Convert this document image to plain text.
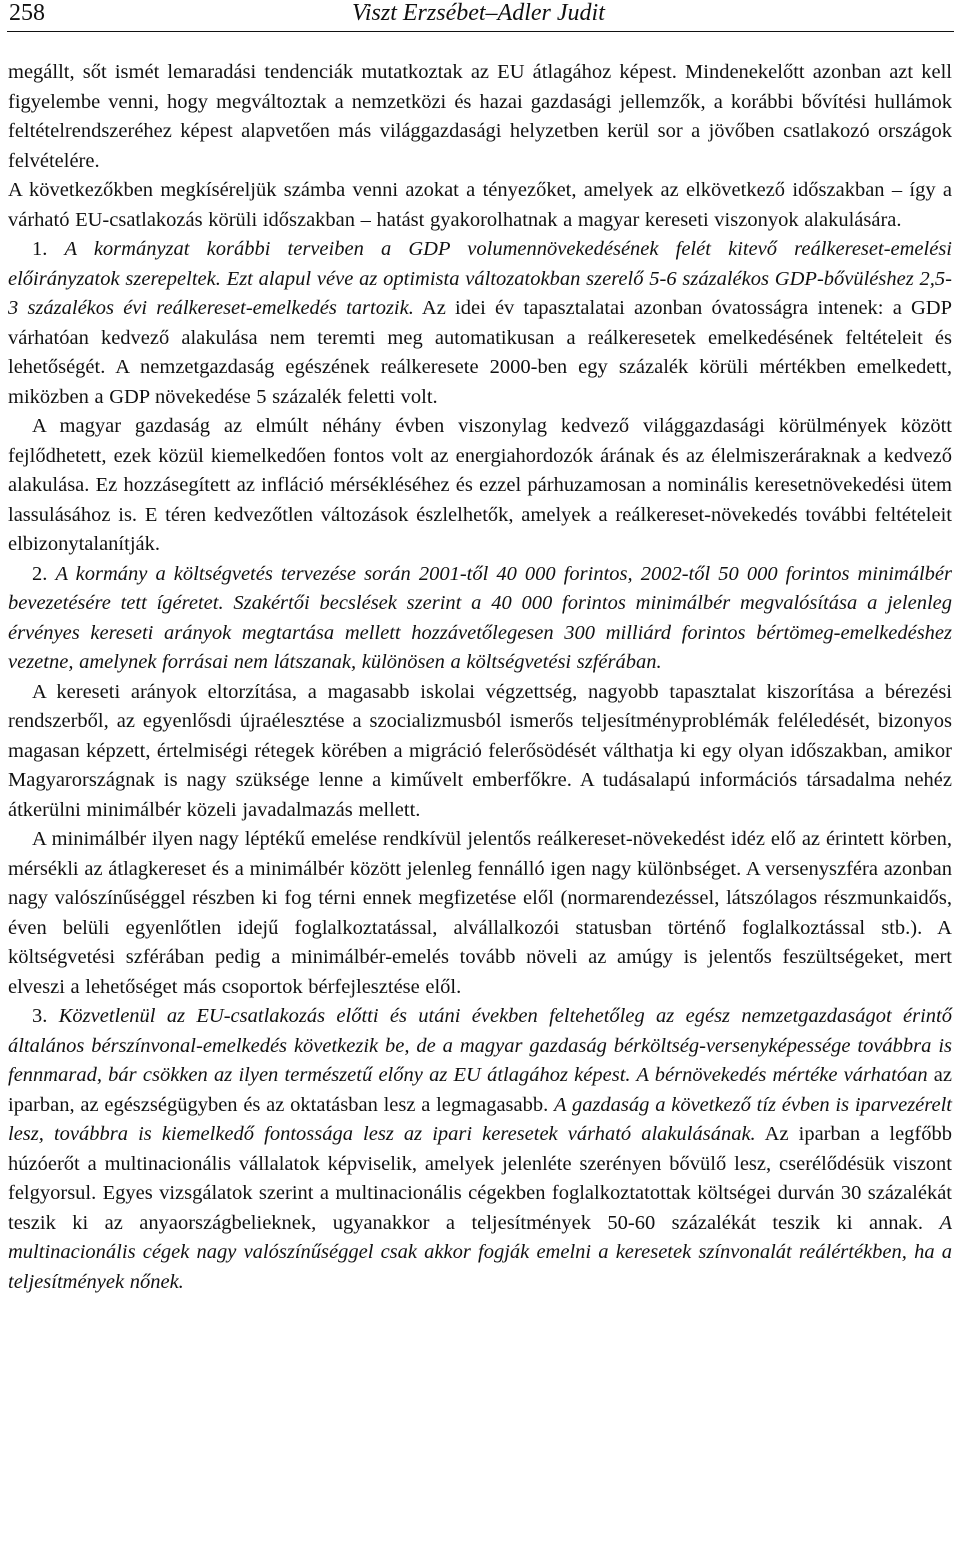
258	Viszt Erzsébet–Adler Judit

megállt, sőt ismét lemaradási tendenciák mutatkoztak az EU átlagához képest. Mindenekelőtt azonban azt kell figyelembe venni, hogy megváltoztak a nemzetközi és hazai gazdasági jellemzők, a korábbi bővítési hullámok feltételrendszeréhez képest alapvetően más világgazdasági helyzetben kerül sor a jövőben csatlakozó országok felvételére.

A következőkben megkíséreljük számba venni azokat a tényezőket, amelyek az elkövetkező időszakban – így a várható EU-csatlakozás körüli időszakban – hatást gyakorolhatnak a magyar kereseti viszonyok alakulására.

1. A kormányzat korábbi terveiben a GDP volumennövekedésének felét kitevő reálkereset-emelési előirányzatok szerepeltek. Ezt alapul véve az optimista változatokban szerelő 5-6 százalékos GDP-bővüléshez 2,5-3 százalékos évi reálkereset-emelkedés tartozik. Az idei év tapasztalatai azonban óvatosságra intenek: a GDP várhatóan kedvező alakulása nem teremti meg automatikusan a reálkeresetek emelkedésének feltételeit és lehetőségét. A nemzetgazdaság egészének reálkeresete 2000-ben egy százalék körüli mértékben emelkedett, miközben a GDP növekedése 5 százalék feletti volt.

A magyar gazdaság az elmúlt néhány évben viszonylag kedvező világgazdasági körülmények között fejlődhetett, ezek közül kiemelkedően fontos volt az energiahordozók árának és az élelmiszeráraknak a kedvező alakulása. Ez hozzásegített az infláció mérsékléséhez és ezzel párhuzamosan a nominális keresetnövekedési ütem lassulásához is. E téren kedvezőtlen változások észlelhetők, amelyek a reálkereset-növekedés további feltételeit elbizonytalanítják.

2. A kormány a költségvetés tervezése során 2001-től 40 000 forintos, 2002-től 50 000 forintos minimálbér bevezetésére tett ígéretet. Szakértői becslések szerint a 40 000 forintos minimálbér megvalósítása a jelenleg érvényes kereseti arányok megtartása mellett hozzávetőlegesen 300 milliárd forintos bértömeg-emelkedéshez vezetne, amelynek forrásai nem látszanak, különösen a költségvetési szférában.

A kereseti arányok eltorzítása, a magasabb iskolai végzettség, nagyobb tapasztalat kiszorítása a bérezési rendszerből, az egyenlősdi újraélesztése a szocializmusból ismerős teljesítményproblémák feléledését, bizonyos magasan képzett, értelmiségi rétegek körében a migráció felerősödését válthatja ki egy olyan időszakban, amikor Magyarországnak is nagy szüksége lenne a kiművelt emberfőkre. A tudásalapú információs társadalma nehéz átkerülni minimálbér közeli javadalmazás mellett.

A minimálbér ilyen nagy léptékű emelése rendkívül jelentős reálkereset-növekedést idéz elő az érintett körben, mérsékli az átlagkereset és a minimálbér között jelenleg fennálló igen nagy különbséget. A versenyszféra azonban nagy valószínűséggel részben ki fog térni ennek megfizetése elől (normarendezéssel, látszólagos részmunkaidős, éven belüli egyenlőtlen idejű foglalkoztatással, alvállalkozói statusban történő foglalkoztással stb.). A költségvetési szférában pedig a minimálbér-emelés tovább növeli az amúgy is jelentős feszültségeket, mert elveszi a lehetőséget más csoportok bérfejlesztése elől.

3. Közvetlenül az EU-csatlakozás előtti és utáni években feltehetőleg az egész nemzetgazdaságot érintő általános bérszínvonal-emelkedés következik be, de a magyar gazdaság bérköltség-versenyképessége továbbra is fennmarad, bár csökken az ilyen természetű előny az EU átlagához képest. A bérnövekedés mértéke várhatóan az iparban, az egészségügyben és az oktatásban lesz a legmagasabb. A gazdaság a következő tíz évben is iparvezérelt lesz, továbbra is kiemelkedő fontossága lesz az ipari keresetek várható alakulásának. Az iparban a legfőbb húzóerőt a multinacionális vállalatok képviselik, amelyek jelenléte szerényen bővülő lesz, cserélődésük viszont felgyorsul. Egyes vizsgálatok szerint a multinacionális cégekben foglalkoztatottak költségei durván 30 százalékát teszik ki az anyaországbelieknek, ugyanakkor a teljesítmények 50-60 százalékát teszik ki annak. A multinacionális cégek nagy valószínűséggel csak akkor fogják emelni a keresetek színvonalát reálértékben, ha a teljesítmények nőnek.
